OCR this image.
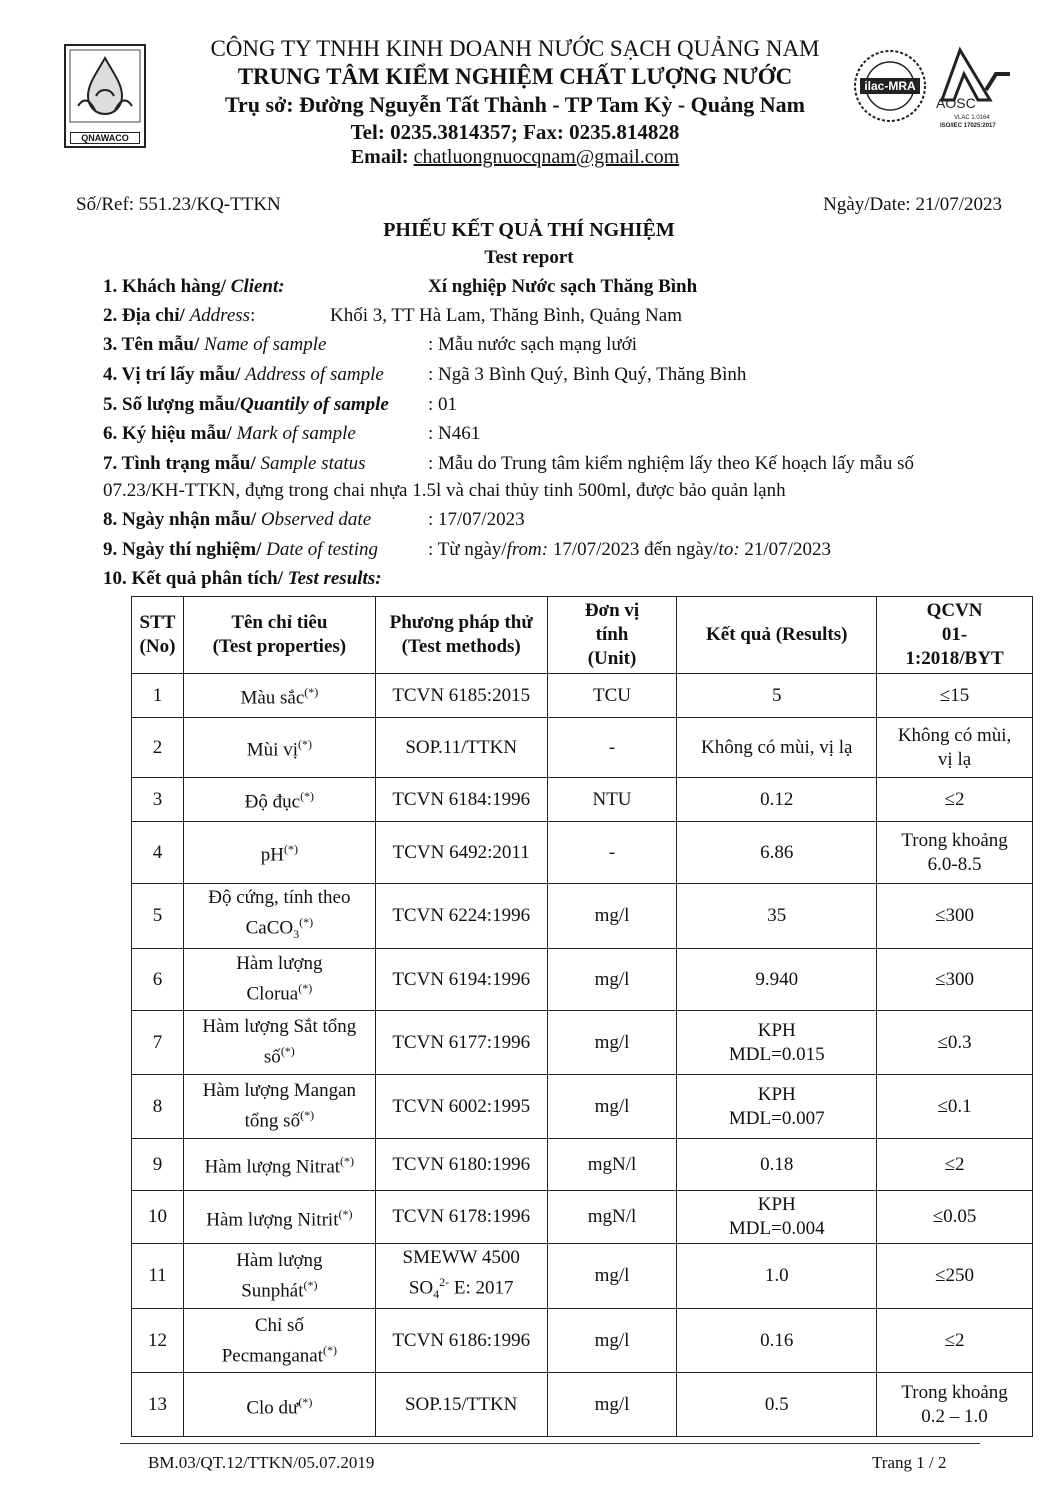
QNAWACO
ilac-MRA
AOSC
VLAC 1.0164
ISO/IEC 17025:2017
CÔNG TY TNHH KINH DOANH NƯỚC SẠCH QUẢNG NAM
TRUNG TÂM KIỂM NGHIỆM CHẤT LƯỢNG NƯỚC
Trụ sở: Đường Nguyễn Tất Thành - TP Tam Kỳ - Quảng Nam
Tel: 0235.3814357; Fax: 0235.814828
Email: chatluongnuocqnam@gmail.com
Số/Ref: 551.23/KQ-TTKN	Ngày/Date: 21/07/2023
PHIẾU KẾT QUẢ THÍ NGHIỆM
Test report
1. Khách hàng/ Client:	Xí nghiệp Nước sạch Thăng Bình
2. Địa chỉ/ Address:	Khối 3, TT Hà Lam, Thăng Bình, Quảng Nam
3. Tên mẫu/ Name of sample	: Mẫu nước sạch mạng lưới
4. Vị trí lấy mẫu/ Address of sample : Ngã 3 Bình Quý, Bình Quý, Thăng Bình
5. Số lượng mẫu/Quantily of sample : 01
6. Ký hiệu mẫu/ Mark of sample	: N461
7. Tình trạng mẫu/ Sample status	: Mẫu do Trung tâm kiểm nghiệm lấy theo Kế hoạch lấy mẫu số
07.23/KH-TTKN, đựng trong chai nhựa 1.5l và chai thủy tinh 500ml, được bảo quản lạnh
8. Ngày nhận mẫu/ Observed date	: 17/07/2023
9. Ngày thí nghiệm/ Date of testing	: Từ ngày/from: 17/07/2023 đến ngày/to: 21/07/2023
10. Kết quả phân tích/ Test results:
STT
(No)	Tên chỉ tiêu
(Test properties)	Phương pháp thử
(Test methods)	Đơn vị
tính
(Unit)	Kết quả (Results)	QCVN
01-
1:2018/BYT
1	Màu sắc(*)	TCVN 6185:2015	TCU	5	≤15
2	Mùi vị(*)	SOP.11/TTKN	-	Không có mùi, vị lạ	Không có mùi,
vị lạ
3	Độ đục(*)	TCVN 6184:1996	NTU	0.12	≤2
4	pH(*)	TCVN 6492:2011	-	6.86	Trong khoảng
6.0-8.5
5	Độ cứng, tính theo
CaCO$_3$(*)	TCVN 6224:1996	mg/l	35	≤300
6	Hàm lượng
Clorua(*)	TCVN 6194:1996	mg/l	9.940	≤300
7	Hàm lượng Sắt tổng
số(*)	TCVN 6177:1996	mg/l	KPH
MDL=0.015	≤0.3
8	Hàm lượng Mangan
tổng số(*)	TCVN 6002:1995	mg/l	KPH
MDL=0.007	≤0.1
9	Hàm lượng Nitrat(*)	TCVN 6180:1996	mgN/l	0.18	≤2
10	Hàm lượng Nitrit(*)	TCVN 6178:1996	mgN/l	KPH
MDL=0.004	≤0.05
11	Hàm lượng
Sunphát(*)	SMEWW 4500
$SO_4^{2-}$ E: 2017	mg/l	1.0	≤250
12	Chỉ số
Pecmanganat(*)	TCVN 6186:1996	mg/l	0.16	≤2
13	Clo dư(*)	SOP.15/TTKN	mg/l	0.5	Trong khoảng
0.2 – 1.0
BM.03/QT.12/TTKN/05.07.2019	Trang 1 / 2
